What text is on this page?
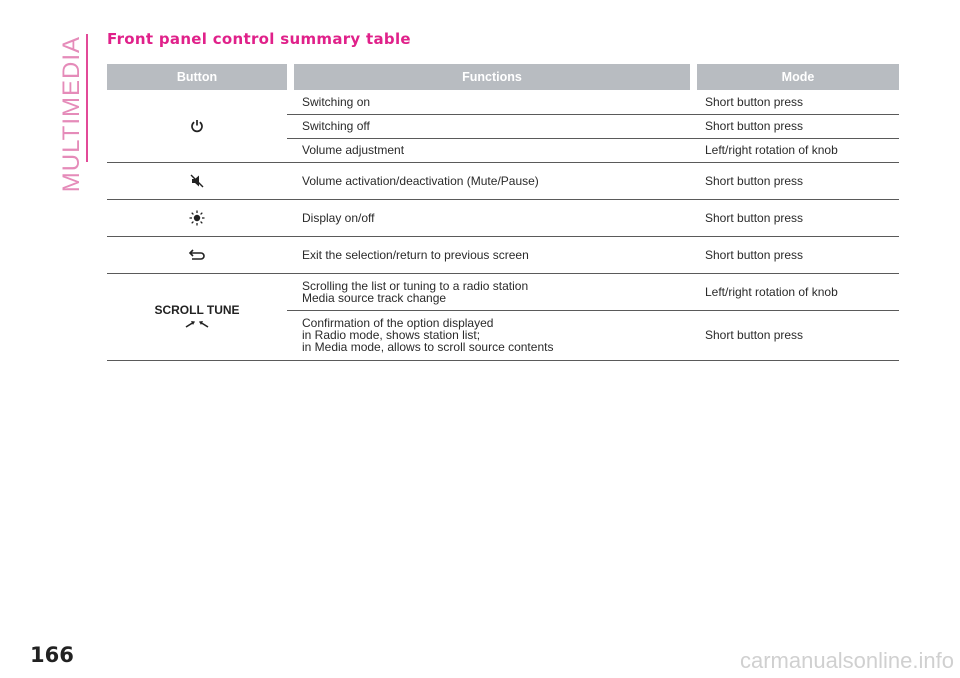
MULTIMEDIA Front panel control summary table
Button		Functions		Mode

		Switching on		Short button press
		Switching off		Short button press
		Volume adjustment		Left/right rotation of knob

		Volume activation/deactivation (Mute/Pause)		Short button press

		Display on/off		Short button press

		Exit the selection/return to previous screen		Short button press

SCROLL TUNE		Scrolling the list or tuning to a radio station
Media source track change		Left/right rotation of knob

		Confirmation of the option displayed
in Radio mode, shows station list;
in Media mode, allows to scroll source contents		Short button press
166	carmanualsonline.info
